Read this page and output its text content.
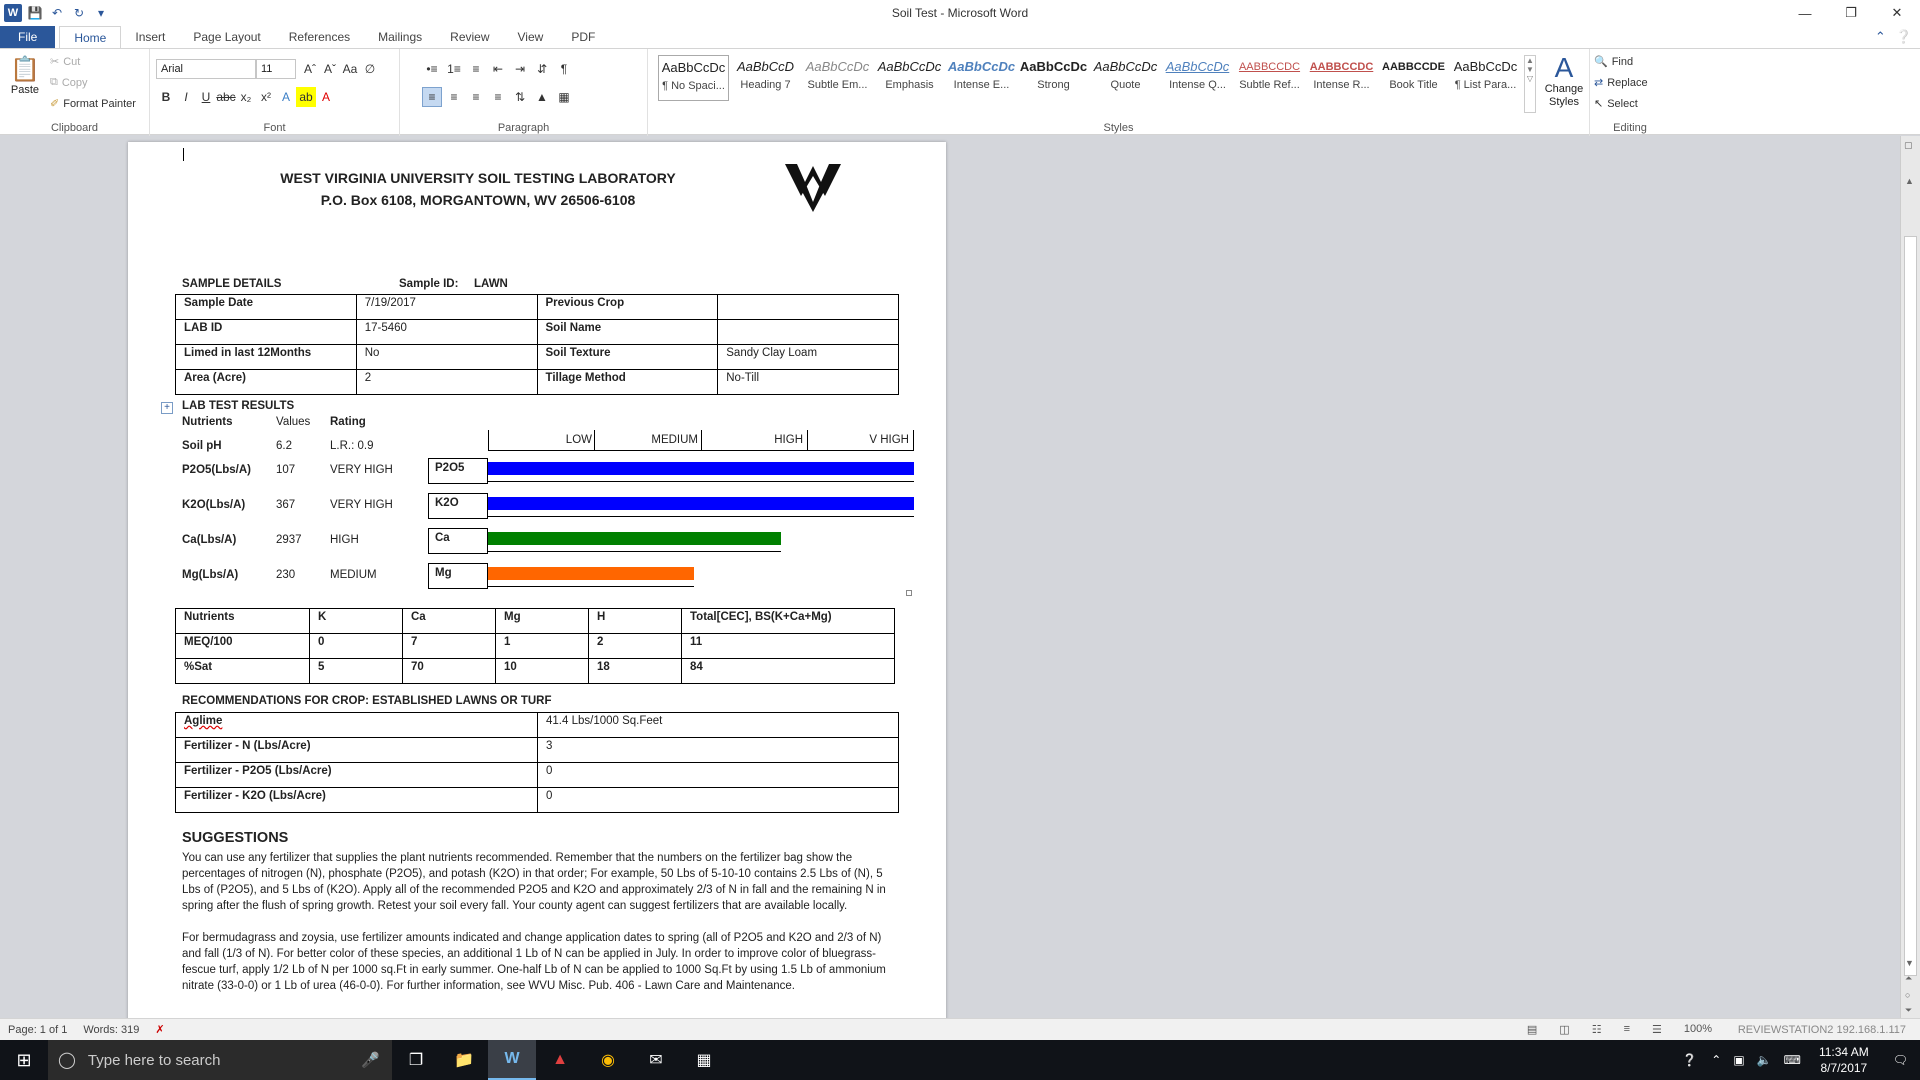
W 💾 ↶ ↻	▾	Soil Test - Microsoft Word	—	❐	✕
File	Home	Insert	Page Layout	References	Mailings	Review	View	PDF	⌃ ❔
📋
Paste
✂ Cut
⧉ Copy
✐ Format Painter
Clipboard
Arial	11	Aˆ Aˇ Aa ∅
B	I	U abc x₂ x² A ab A
Font
•≡ 1≡ ≡	⇤ ⇥ ⇵	¶
≡	≡	≡	≡	⇅ ▲ ▦
Paragraph
AaBbCcDc
¶ No Spaci...
AaBbCcD
Heading 7
AaBbCcDc
Subtle Em...
AaBbCcDc
Emphasis
AaBbCcDc
Intense E...
AaBbCcDc
Strong
AaBbCcDc
Quote
AaBbCcDc
Intense Q...
AABBCCDC
Subtle Ref...
AABBCCDC
Intense R...
AABBCCDE
Book Title
AaBbCcDc
¶ List Para...
▲
▼
▽ A
Change Styles
Styles
🔍 Find
⇄ Replace
↖ Select
Editing
WEST VIRGINIA UNIVERSITY SOIL TESTING LABORATORY
P.O. Box 6108, MORGANTOWN, WV 26506-6108
SAMPLE DETAILS	Sample ID: LAWN
Sample Date	7/19/2017	Previous Crop	
LAB ID	17-5460	Soil Name	
Limed in last 12Months	No	Soil Texture	Sandy Clay Loam
Area (Acre)	2	Tillage Method	No-Till
+ LAB TEST RESULTS
Nutrients	Values Rating
Soil pH	6.2	L.R.: 0.9	LOW	MEDIUM	HIGH	V HIGH
P2O5(Lbs/A) 107	VERY HIGH	P2O5
K2O(Lbs/A)	367	VERY HIGH	K2O
Ca(Lbs/A)	2937 HIGH	Ca
Mg(Lbs/A)	230	MEDIUM	Mg
Nutrients	K	Ca	Mg	H	Total[CEC], BS(K+Ca+Mg)
MEQ/100	0	7	1	2	11
%Sat	5	70	10	18	84
RECOMMENDATIONS FOR CROP: ESTABLISHED LAWNS OR TURF
Aglime	41.4 Lbs/1000 Sq.Feet
Fertilizer - N (Lbs/Acre)	3
Fertilizer - P2O5 (Lbs/Acre)	0
Fertilizer - K2O (Lbs/Acre)	0
SUGGESTIONS
You can use any fertilizer that supplies the plant nutrients recommended. Remember that the numbers on the fertilizer bag show the percentages of nitrogen (N), phosphate (P2O5), and potash (K2O) in that order; For example, 50 Lbs of 5-10-10 contains 2.5 Lbs of (N), 5 Lbs of (P2O5), and 5 Lbs of (K2O). Apply all of the recommended P2O5 and K2O and approximately 2/3 of N in fall and the remaining N in spring after the flush of spring growth. Retest your soil every fall. Your county agent can suggest fertilizers that are available locally.
For bermudagrass and zoysia, use fertilizer amounts indicated and change application dates to spring (all of P2O5 and K2O and 2/3 of N) and fall (1/3 of N). For better color of these species, an additional 1 Lb of N can be applied in July. In order to improve color of bluegrass-fescue turf, apply 1/2 Lb of N per 1000 sq.Ft in early summer. One-half Lb of N can be applied to 1000 Sq.Ft by using 1.5 Lb of ammonium nitrate (33-0-0) or 1 Lb of urea (46-0-0). For further information, see WVU Misc. Pub. 406 - Lawn Care and Maintenance.
▢
▲
▼
⏶
○
⏷
Page: 1 of 1 Words: 319 ✗	▤ ◫ ☷ ≡ ☰ 100% REVIEWSTATION2 192.168.1.117
⊞	◯ Type here to search	🎤	❐	📁	W	▲	◉	✉	▦	❔ ⌃ ▣ 🔈 ⌨
11:34 AM
8/7/2017
🗨
